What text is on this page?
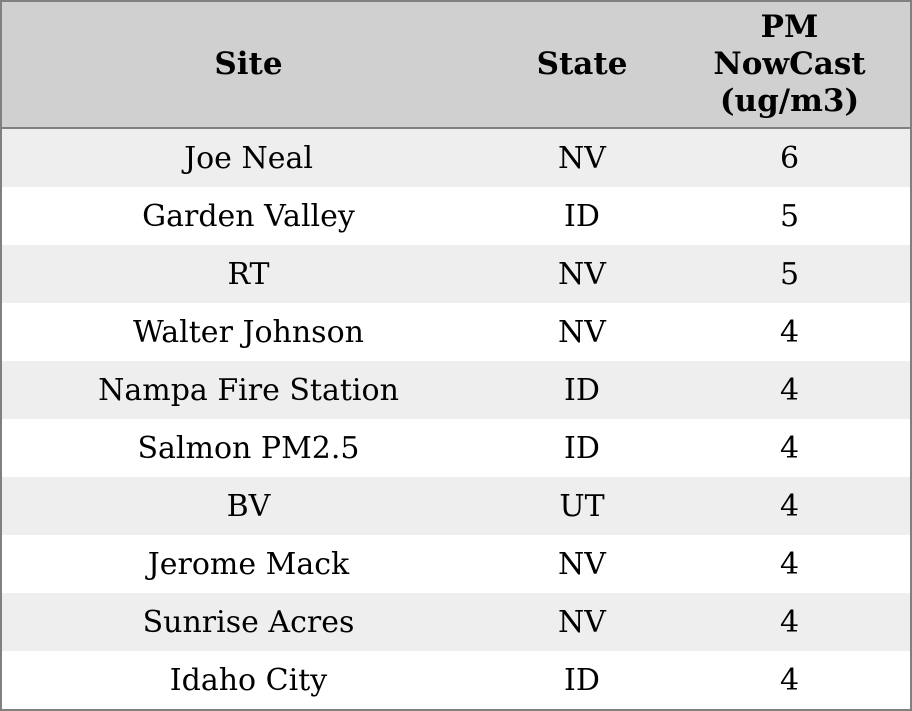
Site	State	PM
NowCast
(ug/m3)

Joe Neal	NV	6
Garden Valley	ID	5
RT	NV	5
Walter Johnson	NV	4
Nampa Fire Station	ID	4
Salmon PM2.5	ID	4
BV	UT	4
Jerome Mack	NV	4
Sunrise Acres	NV	4
Idaho City	ID	4
